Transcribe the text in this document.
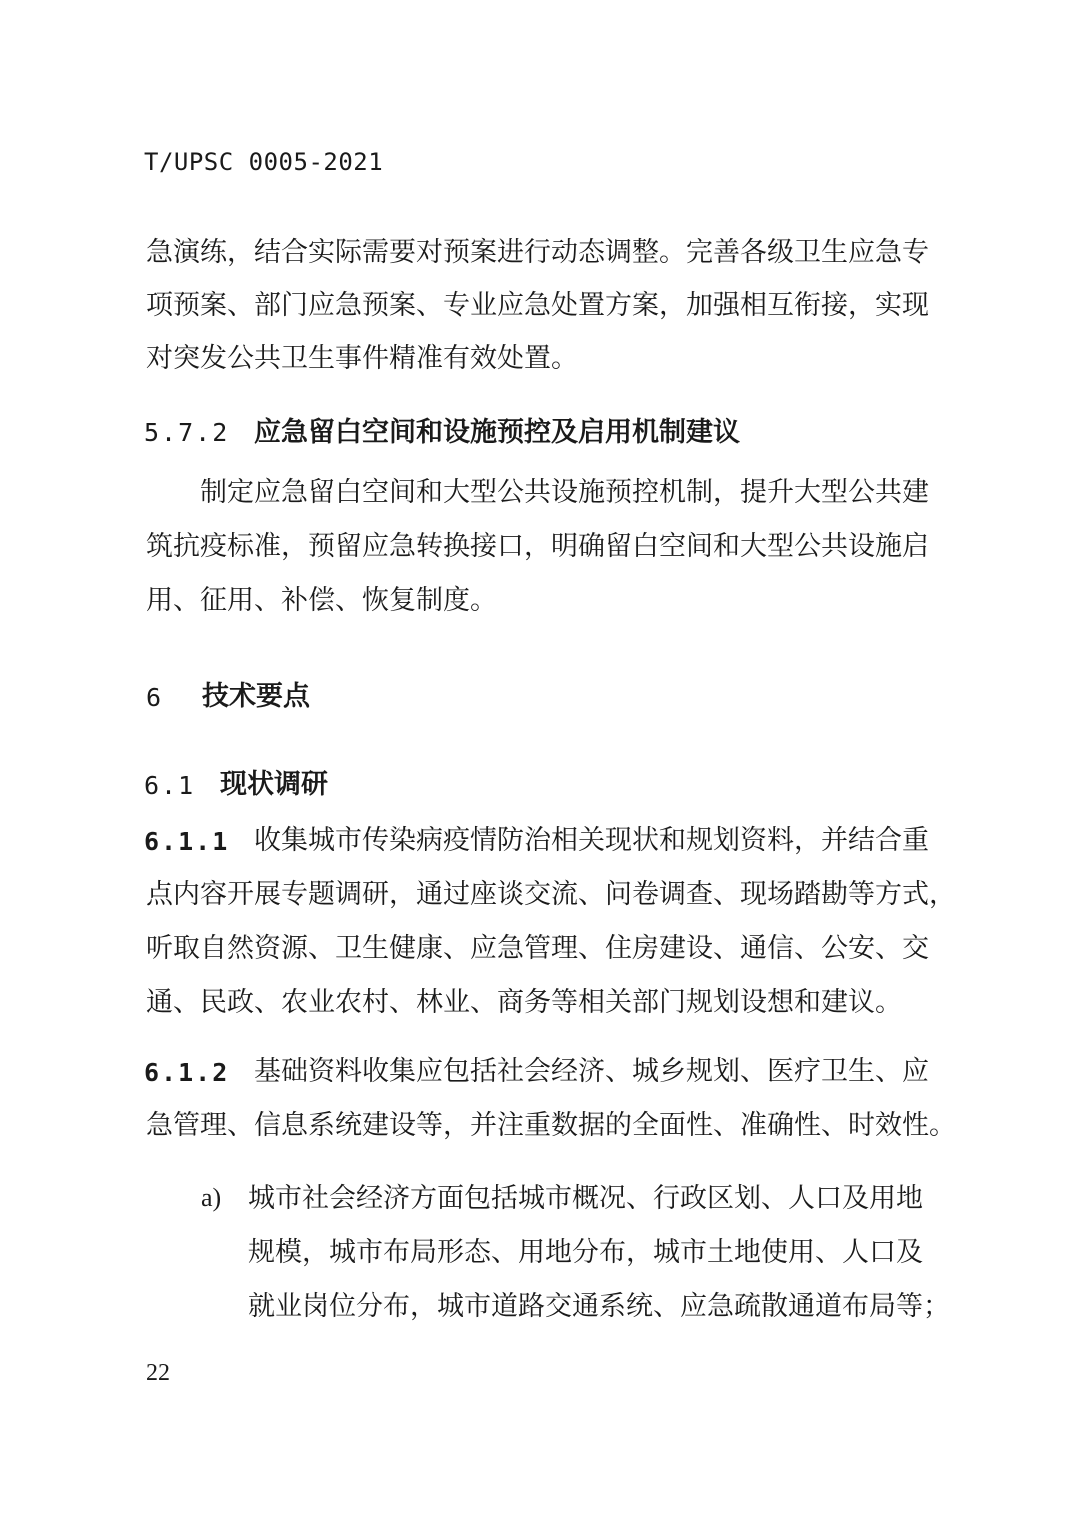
T/UPSC 0005-2021
急演练，结合实际需要对预案进行动态调整。完善各级卫生应急专
项预案、部门应急预案、专业应急处置方案，加强相互衔接，实现
对突发公共卫生事件精准有效处置。
5.7.2 应急留白空间和设施预控及启用机制建议
制定应急留白空间和大型公共设施预控机制，提升大型公共建
筑抗疫标准，预留应急转换接口，明确留白空间和大型公共设施启
用、征用、补偿、恢复制度。
6 技术要点
6.1 现状调研
6.1.1 收集城市传染病疫情防治相关现状和规划资料，并结合重
点内容开展专题调研，通过座谈交流、问卷调查、现场踏勘等方式，
听取自然资源、卫生健康、应急管理、住房建设、通信、公安、交
通、民政、农业农村、林业、商务等相关部门规划设想和建议。
6.1.2 基础资料收集应包括社会经济、城乡规划、医疗卫生、应
急管理、信息系统建设等，并注重数据的全面性、准确性、时效性。
a) 城市社会经济方面包括城市概况、行政区划、人口及用地
规模，城市布局形态、用地分布，城市土地使用、人口及
就业岗位分布，城市道路交通系统、应急疏散通道布局等；
22
